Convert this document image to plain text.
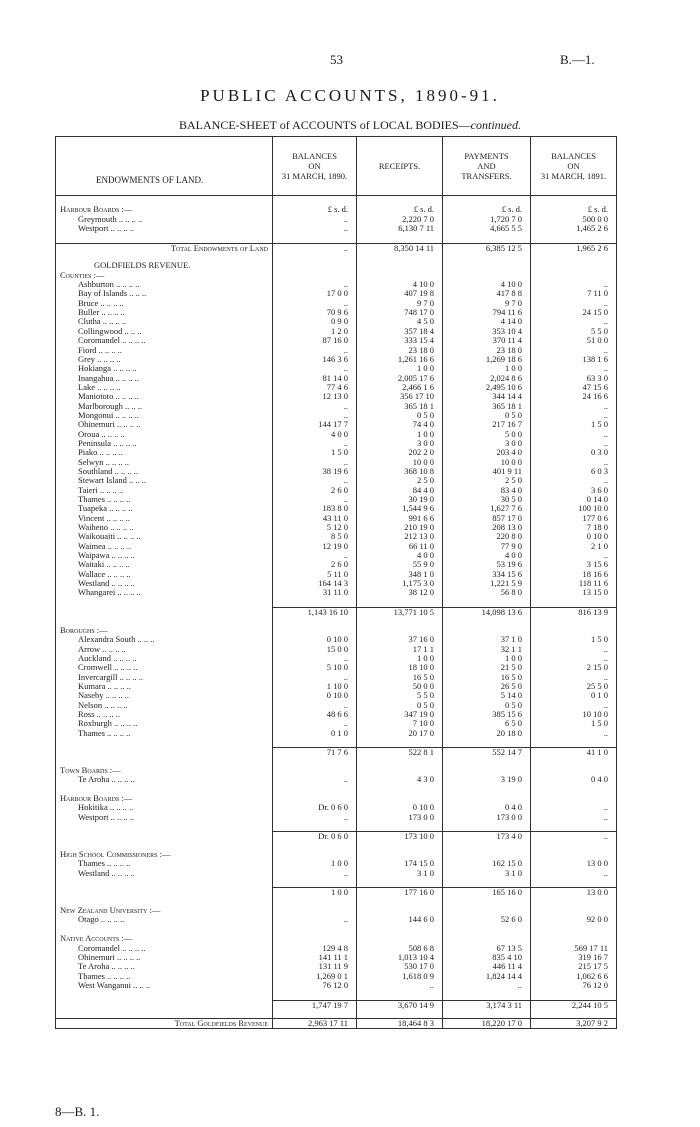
53	B.—1.
PUBLIC ACCOUNTS, 1890-91.
BALANCE-SHEET of ACCOUNTS of LOCAL BODIES—continued.
ENDOWMENTS OF LAND.
BALANCES
ON
31 MARCH, 1890.
RECEIPTS.
PAYMENTS
AND
TRANSFERS.
BALANCES
ON
31 MARCH, 1891.
Harbour Boards :—	£ s. d.	£ s. d.	£ s. d.	£ s. d.
Greymouth .. .. .. ..	..	2,220 7 0	1,720 7 0	500 0 0
Westport .. .. .. ..	..	6,130 7 11	4,665 5 5	1,465 2 6
Total Endowments of Land	..	8,350 14 11	6,385 12 5	1,965 2 6
GOLDFIELDS REVENUE.
Counties :—
Ashburton .. .. .. ..	..	4 10 0	4 10 0	..
Bay of Islands .. .. ..	17 0 0	407 19 8	417 8 8	7 11 0
Bruce .. .. .. ..	..	9 7 0	9 7 0	..
Buller .. .. .. ..	70 9 6	748 17 0	794 11 6	24 15 0
Clutha .. .. .. ..	0 9 0	4 5 0	4 14 0	..
Collingwood .. .. ..	1 2 0	357 18 4	353 10 4	5 5 0
Coromandel .. .. .. ..	87 16 0	333 15 4	370 11 4	51 0 0
Fiord .. .. .. ..	..	23 18 0	23 18 0	..
Grey .. .. .. ..	146 3 6	1,261 16 6	1,269 18 6	138 1 6
Hokianga .. .. .. ..	..	1 0 0	1 0 0	..
Inangahua .. .. .. ..	81 14 0	2,005 17 6	2,024 8 6	63 3 0
Lake .. .. .. ..	77 4 6	2,466 1 6	2,495 10 6	47 15 6
Maniototo .. .. .. ..	12 13 0	356 17 10	344 14 4	24 16 6
Marlborough .. .. ..	..	365 18 1	365 18 1	..
Mongonui .. .. .. ..	..	0 5 0	0 5 0	..
Ohinemuri .. .. .. ..	144 17 7	74 4 0	217 16 7	1 5 0
Oroua .. .. .. ..	4 0 0	1 0 0	5 0 0	..
Peninsula .. .. .. ..	..	3 0 0	3 0 0	..
Piako .. .. .. ..	1 5 0	202 2 0	203 4 0	0 3 0
Selwyn .. .. .. ..	..	10 0 0	10 0 0	..
Southland .. .. .. ..	38 19 6	368 10 8	401 9 11	6 0 3
Stewart Island .. .. ..	..	2 5 0	2 5 0	..
Taieri .. .. .. ..	2 6 0	84 4 0	83 4 0	3 6 0
Thames .. .. .. ..	..	30 19 0	30 5 0	0 14 0
Tuapeka .. .. .. ..	183 8 0	1,544 9 6	1,627 7 6	100 10 0
Vincent .. .. .. ..	43 11 0	991 6 6	857 17 0	177 0 6
Waiheno .. .. .. ..	5 12 0	210 19 0	208 13 0	7 18 0
Waikouaiti .. .. .. ..	8 5 0	212 13 0	220 8 0	0 10 0
Waimea .. .. .. ..	12 19 0	66 11 0	77 9 0	2 1 0
Waipawa .. .. .. ..	..	4 0 0	4 0 0	..
Waitaki .. .. .. ..	2 6 0	55 9 0	53 19 6	3 15 6
Wallace .. .. .. ..	5 11 0	348 1 0	334 15 6	18 16 6
Westland .. .. .. ..	164 14 3	1,175 3 0	1,221 5 9	118 11 6
Whangarei .. .. .. ..	31 11 0	38 12 0	56 8 0	13 15 0
1,143 16 10	13,771 10 5	14,098 13 6	816 13 9
Boroughs :—
Alexandra South .. .. ..	0 10 0	37 16 0	37 1 0	1 5 0
Arrow .. .. .. ..	15 0 0	17 1 1	32 1 1	..
Auckland .. .. .. ..	..	1 0 0	1 0 0	..
Cromwell .. .. .. ..	5 10 0	18 10 0	21 5 0	2 15 0
Invercargill .. .. .. ..	..	16 5 0	16 5 0	..
Kumara .. .. .. ..	1 10 0	50 0 0	26 5 0	25 5 0
Naseby .. .. .. ..	0 10 0	5 5 0	5 14 0	0 1 0
Nelson .. .. .. ..	..	0 5 0	0 5 0	..
Ross .. .. .. ..	48 6 6	347 19 0	385 15 6	10 10 0
Roxburgh .. .. .. ..	..	7 10 0	6 5 0	1 5 0
Thames .. .. .. ..	0 1 0	20 17 0	20 18 0	..
71 7 6	522 8 1	552 14 7	41 1 0
Town Boards :—
Te Aroha .. .. .. ..	..	4 3 0	3 19 0	0 4 0
Harbour Boards :—
Hokitika .. .. .. ..	Dr. 0 6 0	0 10 0	0 4 0	..
Westport .. .. .. ..	..	173 0 0	173 0 0	..
Dr. 0 6 0	173 10 0	173 4 0	..
High School Commissioners :—
Thames .. .. .. ..	1 0 0	174 15 0	162 15 0	13 0 0
Westland .. .. .. ..	..	3 1 0	3 1 0	..
1 0 0	177 16 0	165 16 0	13 0 0
New Zealand University :—
Otago .. .. .. ..	..	144 6 0	52 6 0	92 0 0
Native Accounts :—
Coromandel .. .. .. ..	129 4 8	508 6 8	67 13 5	569 17 11
Ohinemuri .. .. .. ..	141 11 1	1,013 10 4	835 4 10	319 16 7
Te Aroha .. .. .. ..	131 11 9	530 17 0	446 11 4	215 17 5
Thames .. .. .. ..	1,269 0 1	1,618 0 9	1,824 14 4	1,062 6 6
West Wanganui .. .. ..	76 12 0	..	..	76 12 0
1,747 19 7	3,670 14 9	3,174 3 11	2,244 10 5
Total Goldfields Revenue	2,963 17 11	18,464 8 3	18,220 17 0	3,207 9 2
8—B. 1.
